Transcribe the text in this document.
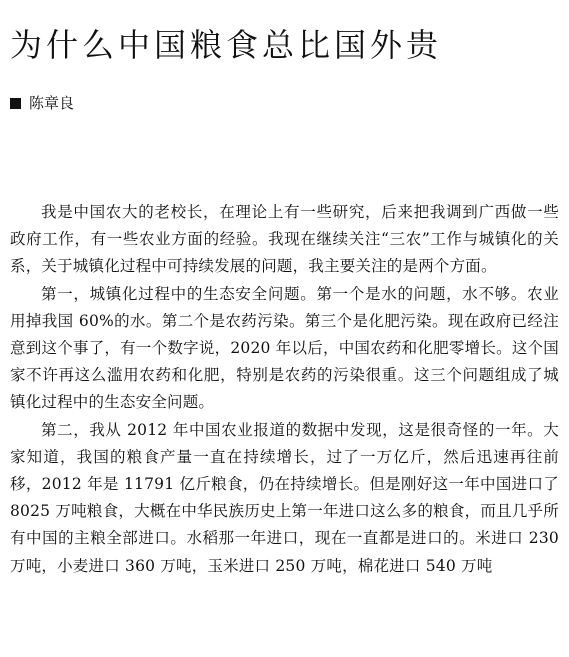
为什么中国粮食总比国外贵
陈章良

我是中国农大的老校长，在理论上有一些研究，后来把我调到广西做一些政府工作，有一些农业方面的经验。我现在继续关注“三农”工作与城镇化的关系，关于城镇化过程中可持续发展的问题，我主要关注的是两个方面。

第一，城镇化过程中的生态安全问题。第一个是水的问题，水不够。农业用掉我国 60%的水。第二个是农药污染。第三个是化肥污染。现在政府已经注意到这个事了，有一个数字说，2020 年以后，中国农药和化肥零增长。这个国家不许再这么滥用农药和化肥，特别是农药的污染很重。这三个问题组成了城镇化过程中的生态安全问题。

第二，我从 2012 年中国农业报道的数据中发现，这是很奇怪的一年。大家知道，我国的粮食产量一直在持续增长，过了一万亿斤，然后迅速再往前移，2012 年是 11791 亿斤粮食，仍在持续增长。但是刚好这一年中国进口了 8025 万吨粮食，大概在中华民族历史上第一年进口这么多的粮食，而且几乎所有中国的主粮全部进口。水稻那一年进口，现在一直都是进口的。米进口 230 万吨，小麦进口 360 万吨，玉米进口 250 万吨，棉花进口 540 万吨
